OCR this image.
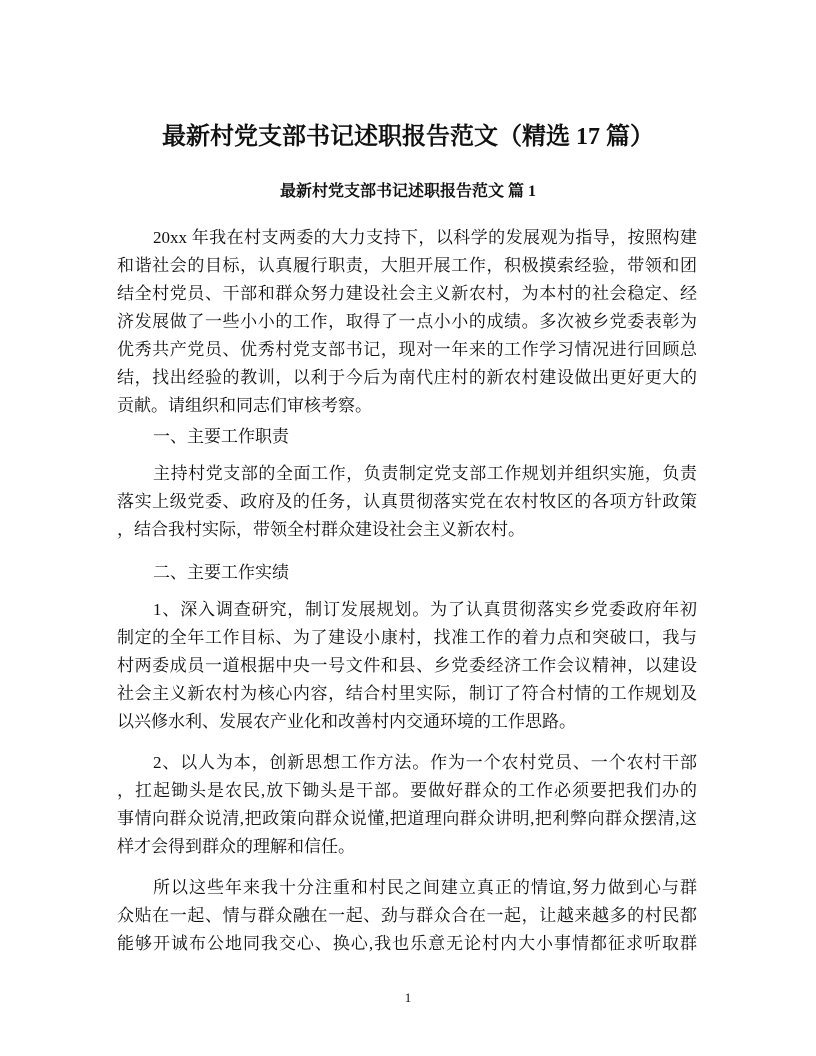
最新村党支部书记述职报告范文（精选 17 篇）
最新村党支部书记述职报告范文 篇 1
20xx 年我在村支两委的大力支持下，以科学的发展观为指导，按照构建
和谐社会的目标，认真履行职责，大胆开展工作，积极摸索经验，带领和团
结全村党员、干部和群众努力建设社会主义新农村，为本村的社会稳定、经
济发展做了一些小小的工作，取得了一点小小的成绩。多次被乡党委表彰为
优秀共产党员、优秀村党支部书记，现对一年来的工作学习情况进行回顾总
结，找出经验的教训，以利于今后为南代庄村的新农村建设做出更好更大的
贡献。请组织和同志们审核考察。
一、主要工作职责
主持村党支部的全面工作，负责制定党支部工作规划并组织实施，负责
落实上级党委、政府及的任务，认真贯彻落实党在农村牧区的各项方针政策
，结合我村实际，带领全村群众建设社会主义新农村。
二、主要工作实绩
1、深入调查研究，制订发展规划。为了认真贯彻落实乡党委政府年初
制定的全年工作目标、为了建设小康村，找准工作的着力点和突破口，我与
村两委成员一道根据中央一号文件和县、乡党委经济工作会议精神，以建设
社会主义新农村为核心内容，结合村里实际，制订了符合村情的工作规划及
以兴修水利、发展农产业化和改善村内交通环境的工作思路。
2、以人为本，创新思想工作方法。作为一个农村党员、一个农村干部
，扛起锄头是农民,放下锄头是干部。要做好群众的工作必须要把我们办的
事情向群众说清,把政策向群众说懂,把道理向群众讲明,把利弊向群众摆清,这
样才会得到群众的理解和信任。
所以这些年来我十分注重和村民之间建立真正的情谊,努力做到心与群
众贴在一起、情与群众融在一起、劲与群众合在一起，让越来越多的村民都
能够开诚布公地同我交心、换心,我也乐意无论村内大小事情都征求听取群
1
